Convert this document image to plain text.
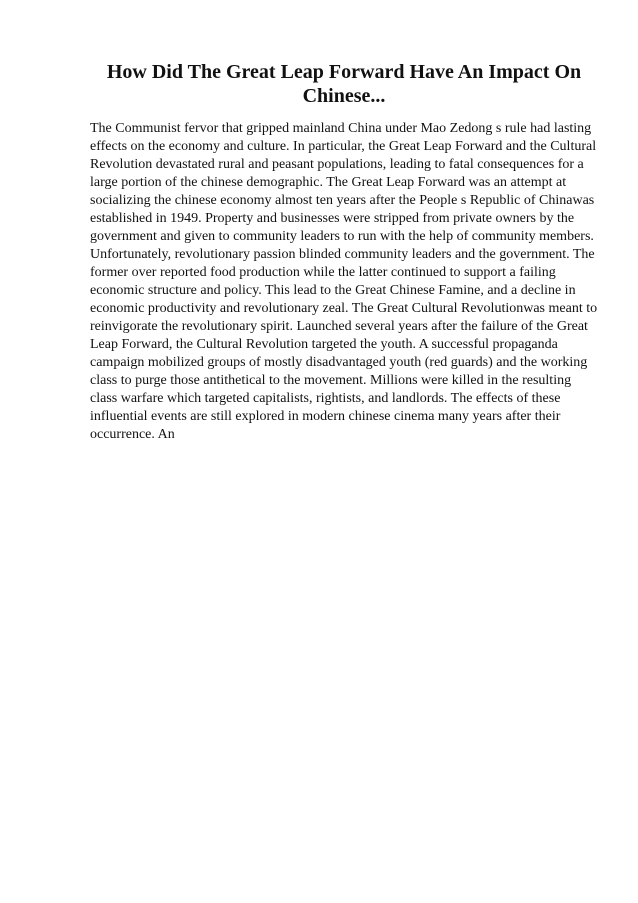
How Did The Great Leap Forward Have An Impact On Chinese...

The Communist fervor that gripped mainland China under Mao Zedong s rule had lasting effects on the economy and culture. In particular, the Great Leap Forward and the Cultural Revolution devastated rural and peasant populations, leading to fatal consequences for a large portion of the chinese demographic. The Great Leap Forward was an attempt at socializing the chinese economy almost ten years after the People s Republic of Chinawas established in 1949. Property and businesses were stripped from private owners by the government and given to community leaders to run with the help of community members. Unfortunately, revolutionary passion blinded community leaders and the government. The former over reported food production while the latter continued to support a failing economic structure and policy. This lead to the Great Chinese Famine, and a decline in economic productivity and revolutionary zeal. The Great Cultural Revolutionwas meant to reinvigorate the revolutionary spirit. Launched several years after the failure of the Great Leap Forward, the Cultural Revolution targeted the youth. A successful propaganda campaign mobilized groups of mostly disadvantaged youth (red guards) and the working class to purge those antithetical to the movement. Millions were killed in the resulting class warfare which targeted capitalists, rightists, and landlords. The effects of these influential events are still explored in modern chinese cinema many years after their occurrence. An
